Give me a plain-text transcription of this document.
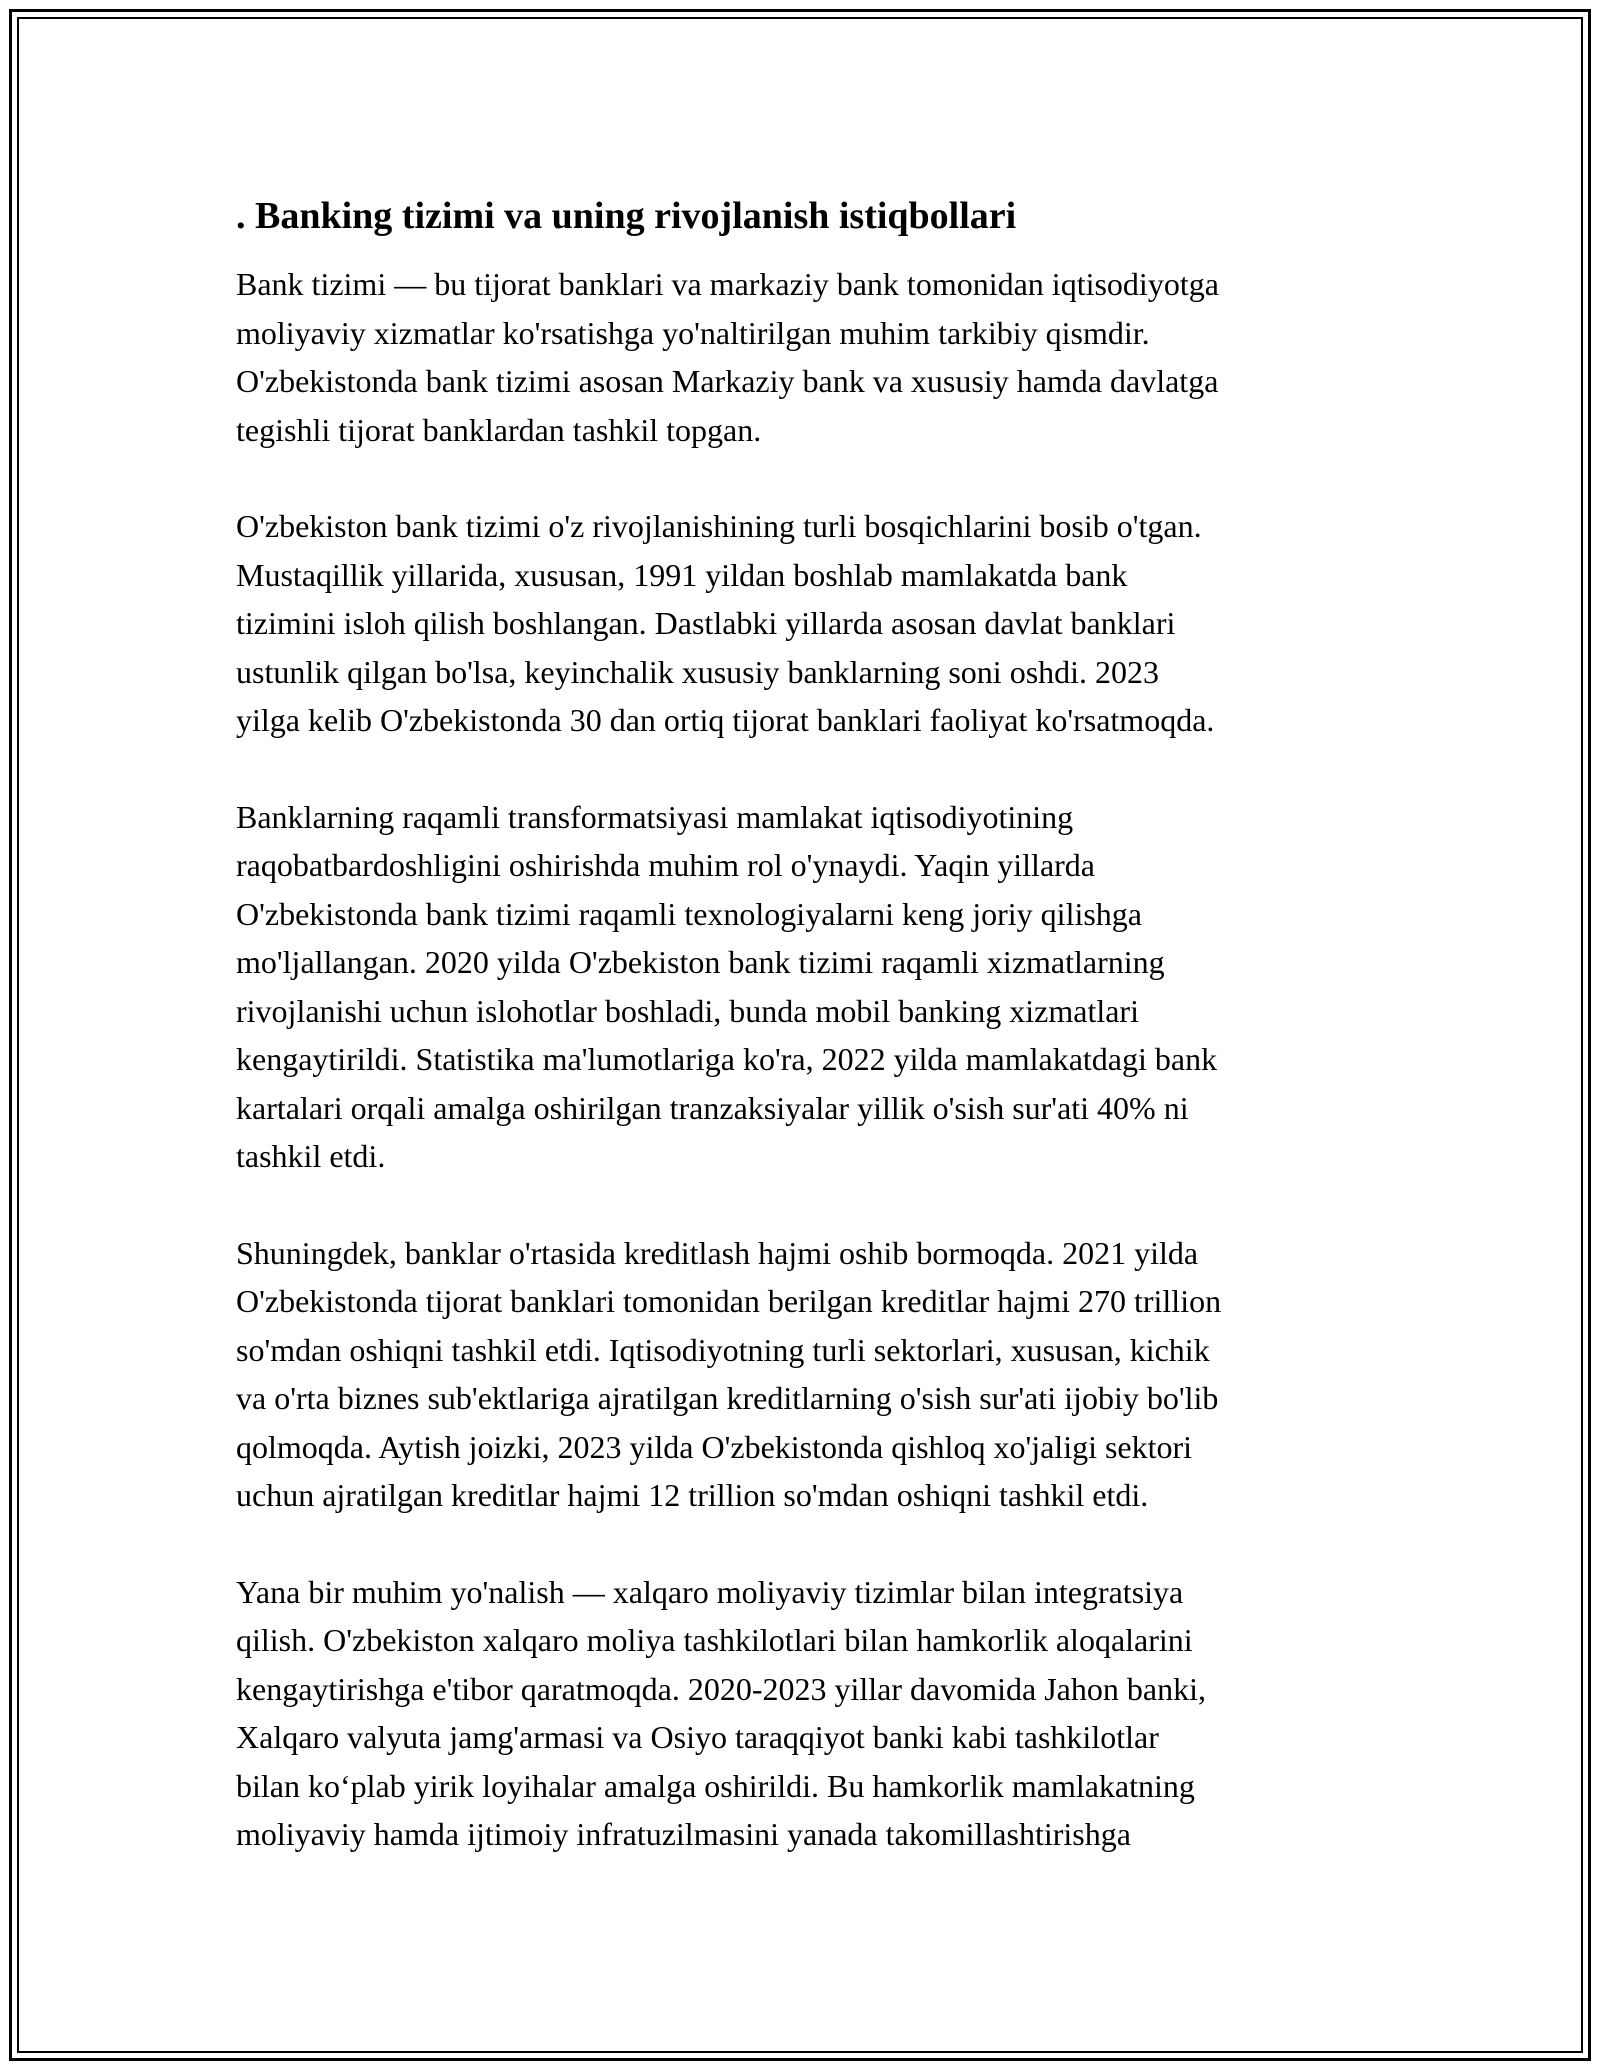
. Banking tizimi va uning rivojlanish istiqbollari

Bank tizimi — bu tijorat banklari va markaziy bank tomonidan iqtisodiyotga
moliyaviy xizmatlar ko'rsatishga yo'naltirilgan muhim tarkibiy qismdir.
O'zbekistonda bank tizimi asosan Markaziy bank va xususiy hamda davlatga
tegishli tijorat banklardan tashkil topgan.

O'zbekiston bank tizimi o'z rivojlanishining turli bosqichlarini bosib o'tgan.
Mustaqillik yillarida, xususan, 1991 yildan boshlab mamlakatda bank
tizimini isloh qilish boshlangan. Dastlabki yillarda asosan davlat banklari
ustunlik qilgan bo'lsa, keyinchalik xususiy banklarning soni oshdi. 2023
yilga kelib O'zbekistonda 30 dan ortiq tijorat banklari faoliyat ko'rsatmoqda.

Banklarning raqamli transformatsiyasi mamlakat iqtisodiyotining
raqobatbardoshligini oshirishda muhim rol o'ynaydi. Yaqin yillarda
O'zbekistonda bank tizimi raqamli texnologiyalarni keng joriy qilishga
mo'ljallangan. 2020 yilda O'zbekiston bank tizimi raqamli xizmatlarning
rivojlanishi uchun islohotlar boshladi, bunda mobil banking xizmatlari
kengaytirildi. Statistika ma'lumotlariga ko'ra, 2022 yilda mamlakatdagi bank
kartalari orqali amalga oshirilgan tranzaksiyalar yillik o'sish sur'ati 40% ni
tashkil etdi.

Shuningdek, banklar o'rtasida kreditlash hajmi oshib bormoqda. 2021 yilda
O'zbekistonda tijorat banklari tomonidan berilgan kreditlar hajmi 270 trillion
so'mdan oshiqni tashkil etdi. Iqtisodiyotning turli sektorlari, xususan, kichik
va o'rta biznes sub'ektlariga ajratilgan kreditlarning o'sish sur'ati ijobiy bo'lib
qolmoqda. Aytish joizki, 2023 yilda O'zbekistonda qishloq xo'jaligi sektori
uchun ajratilgan kreditlar hajmi 12 trillion so'mdan oshiqni tashkil etdi.

Yana bir muhim yo'nalish — xalqaro moliyaviy tizimlar bilan integratsiya
qilish. O'zbekiston xalqaro moliya tashkilotlari bilan hamkorlik aloqalarini
kengaytirishga e'tibor qaratmoqda. 2020-2023 yillar davomida Jahon banki,
Xalqaro valyuta jamg'armasi va Osiyo taraqqiyot banki kabi tashkilotlar
bilan ko‘plab yirik loyihalar amalga oshirildi. Bu hamkorlik mamlakatning
moliyaviy hamda ijtimoiy infratuzilmasini yanada takomillashtirishga
